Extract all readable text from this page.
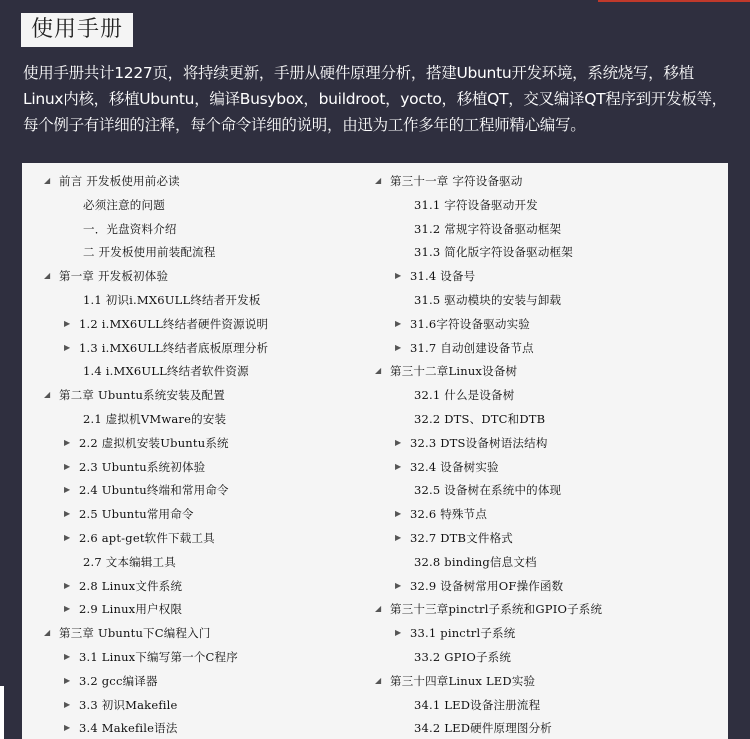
使用手册

使用手册共计1227页，将持续更新，手册从硬件原理分析，搭建Ubuntu开发环境，系统烧写，移植Linux内核，移植Ubuntu，编译Busybox，buildroot，yocto，移植QT，交叉编译QT程序到开发板等，每个例子有详细的注释，每个命令详细的说明，由迅为工作多年的工程师精心编写。

◢ 前言 开发板使用前必读
必须注意的问题
一．光盘资料介绍
二 开发板使用前装配流程
◢ 第一章 开发板初体验
1.1 初识i.MX6ULL终结者开发板
▶ 1.2 i.MX6ULL终结者硬件资源说明
▶ 1.3 i.MX6ULL终结者底板原理分析
1.4 i.MX6ULL终结者软件资源
◢ 第二章 Ubuntu系统安装及配置
2.1 虚拟机VMware的安装
▶ 2.2 虚拟机安装Ubuntu系统
▶ 2.3 Ubuntu系统初体验
▶ 2.4 Ubuntu终端和常用命令
▶ 2.5 Ubuntu常用命令
▶ 2.6 apt-get软件下载工具
2.7 文本编辑工具
▶ 2.8 Linux文件系统
▶ 2.9 Linux用户权限
◢ 第三章 Ubuntu下C编程入门
▶ 3.1 Linux下编写第一个C程序
▶ 3.2 gcc编译器
▶ 3.3 初识Makefile
▶ 3.4 Makefile语法
◢ 第三十一章 字符设备驱动
31.1 字符设备驱动开发
31.2 常规字符设备驱动框架
31.3 简化版字符设备驱动框架
▶ 31.4 设备号
31.5 驱动模块的安装与卸载
▶ 31.6字符设备驱动实验
▶ 31.7 自动创建设备节点
◢ 第三十二章Linux设备树
32.1 什么是设备树
32.2 DTS、DTC和DTB
▶ 32.3 DTS设备树语法结构
▶ 32.4 设备树实验
32.5 设备树在系统中的体现
▶ 32.6 特殊节点
▶ 32.7 DTB文件格式
32.8 binding信息文档
▶ 32.9 设备树常用OF操作函数
◢ 第三十三章pinctrl子系统和GPIO子系统
▶ 33.1 pinctrl子系统
33.2 GPIO子系统
◢ 第三十四章Linux LED实验
34.1 LED设备注册流程
34.2 LED硬件原理图分析
